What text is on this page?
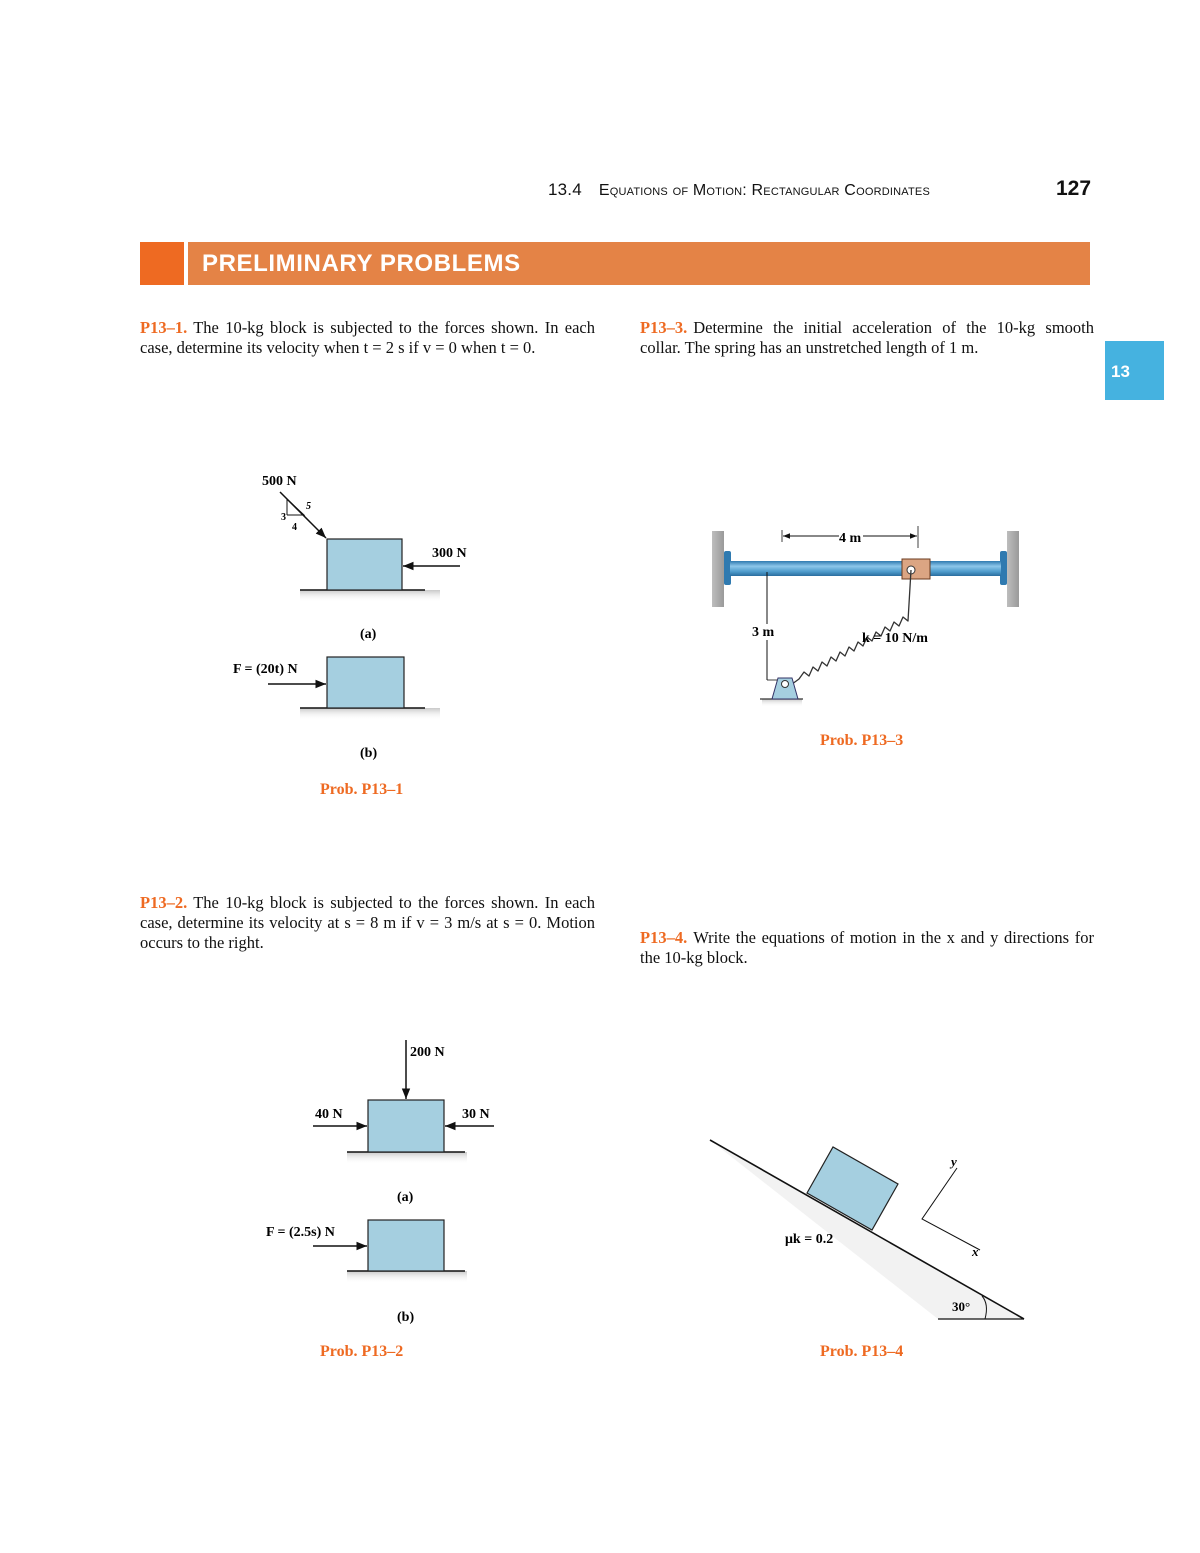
13.4 Equations of Motion: Rectangular Coordinates	127
PRELIMINARY PROBLEMS
13
P13–1. The 10-kg block is subjected to the forces shown. In each case, determine its velocity when t = 2 s if v = 0 when t = 0.
P13–3. Determine the initial acceleration of the 10-kg smooth collar. The spring has an unstretched length of 1 m.
P13–2. The 10-kg block is subjected to the forces shown. In each case, determine its velocity at s = 8 m if v = 3 m/s at s = 0. Motion occurs to the right.	P13–4. Write the equations of motion in the x and y directions for the 10-kg block.
500 N
3
4
5
300 N
(a)
F = (20t) N
(b)
200 N
40 N	30 N
(a)
F = (2.5s) N
(b)
4 m
3 m	k = 10 N/m
y
x
μk = 0.2
30°
Prob. P13–1
Prob. P13–3
Prob. P13–2	Prob. P13–4
